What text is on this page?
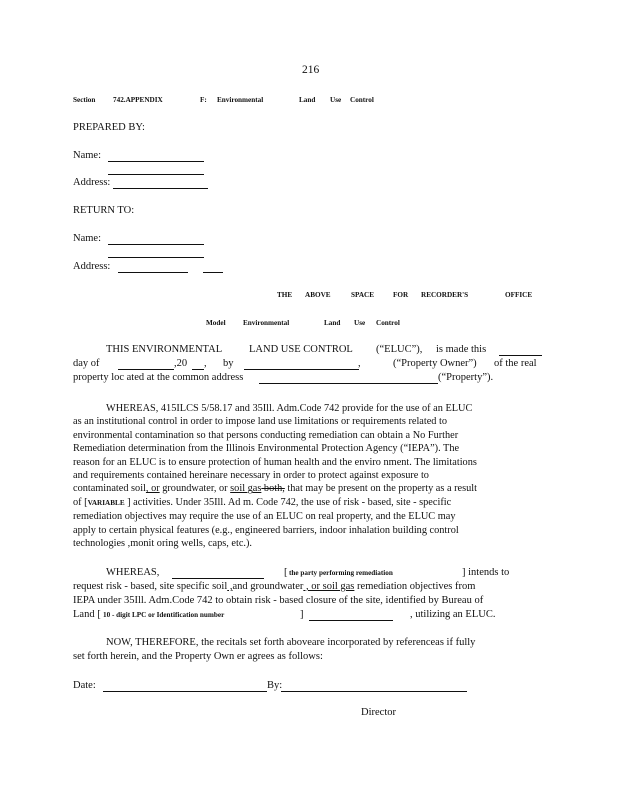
216
Section 742.APPENDIX	F: Environmental	Land Use Control
PREPARED BY:
Name:
Address:
RETURN TO:
Name:
Address:
THE ABOVE	SPACE	FOR RECORDER'S	OFFICE
Model Environmental	Land Use Control
THIS ENVIRONMENTAL	LAND USE CONTROL (“ELUC”), is made this
day of	,20 , by	,	(“Property Owner”) of the real
property loc ated at the common address	(“Property”).
WHEREAS, 415ILCS 5/58.17 and 35Ill. Adm.Code 742 provide for the use of an ELUC
as an institutional control in order to impose land use limitations or requirements related to
environmental contamination so that persons conducting remediation can obtain a No Further
Remediation determination from the Illinois Environmental Protection Agency (“IEPA”). The
reason for an ELUC is to ensure protection of human health and the enviro nment. The limitations
and requirements contained hereinare necessary in order to protect against exposure to
contaminated soil, or groundwater, or soil gas both, that may be present on the property as a result
of [VARIABLE ] activities. Under 35Ill. Ad m. Code 742, the use of risk - based, site - specific
remediation objectives may require the use of an ELUC on real property, and the ELUC may
apply to certain physical features (e.g., engineered barriers, indoor inhalation building control
technologies ,monit oring wells, caps, etc.).
WHEREAS,	[ the party performing remediation	] intends to
request risk - based, site specific soil ,and groundwater , or soil gas remediation objectives from
IEPA under 35Ill. Adm.Code 742 to obtain risk - based closure of the site, identified by Bureau of
Land [ 10 - digit LPC or Identification number	]	, utilizing an ELUC.
NOW, THEREFORE, the recitals set forth aboveare incorporated by referenceas if fully
set forth herein, and the Property Own er agrees as follows:
Date:	By:
Director
